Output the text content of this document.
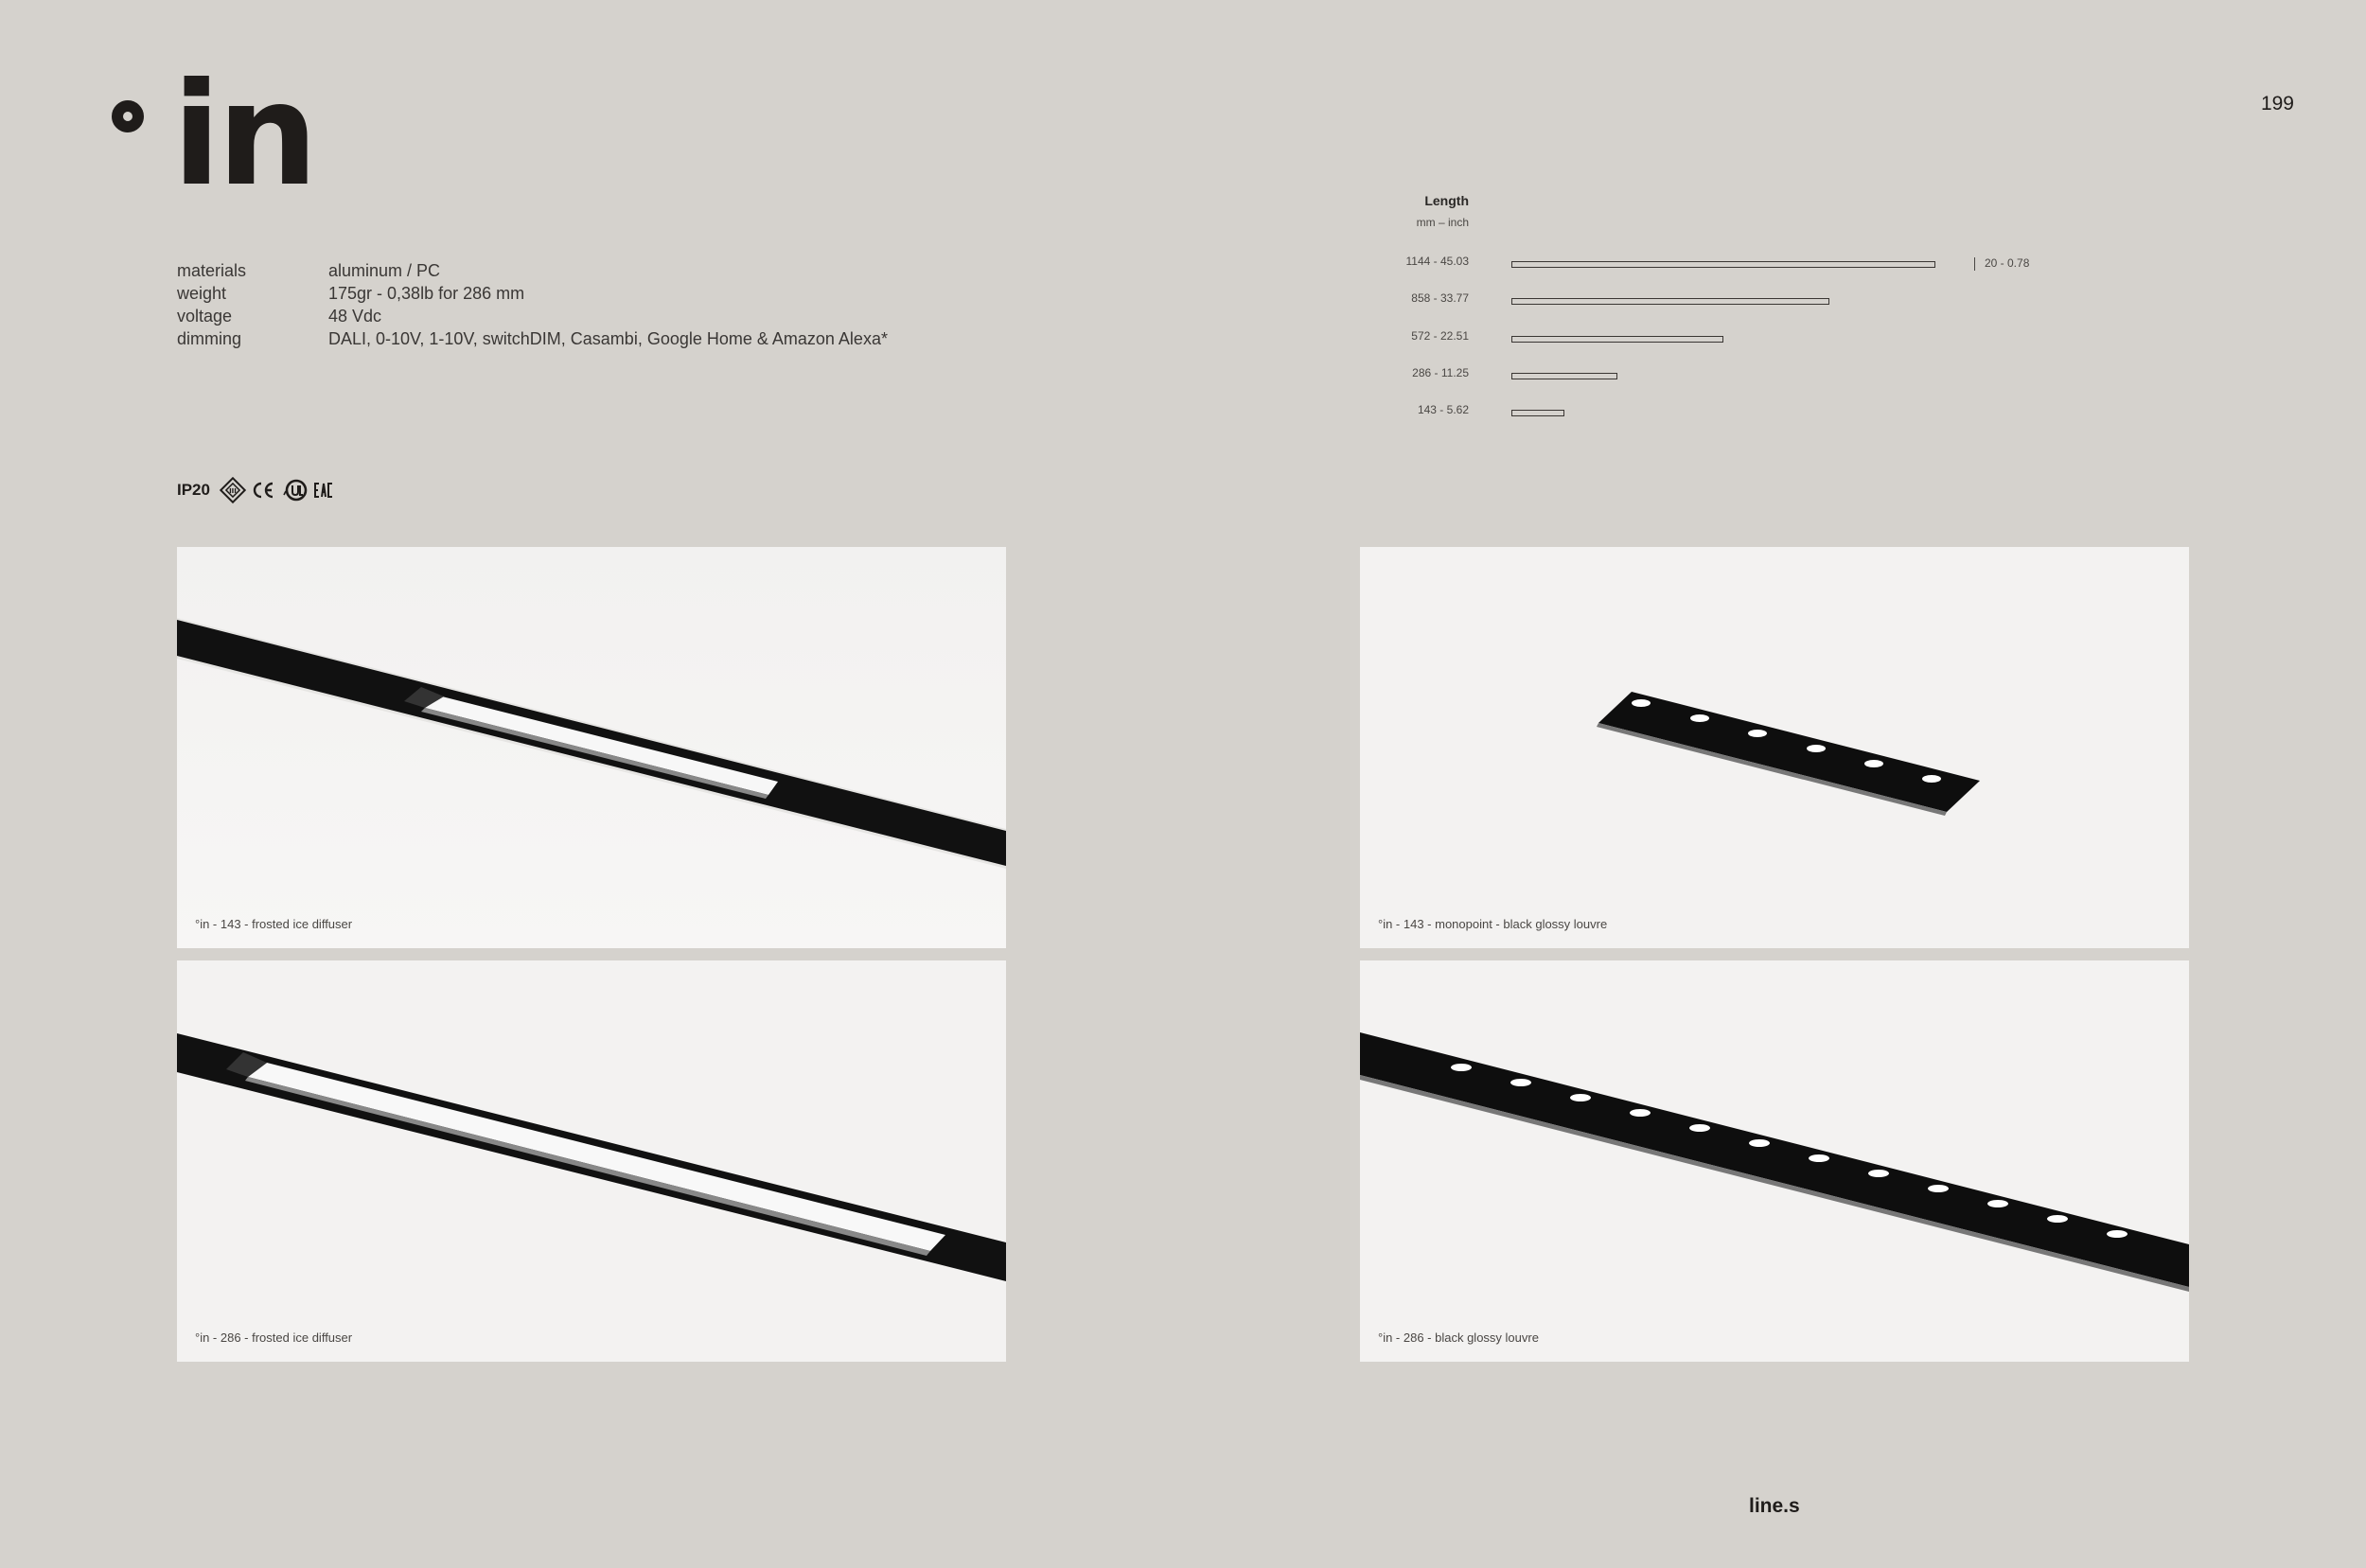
in	199
materials	aluminum / PC
weight	175gr - 0,38lb for 286 mm
voltage	48 Vdc
dimming	DALI, 0-10V, 1-10V, switchDIM, Casambi, Google Home & Amazon Alexa*
IP20	III
Length
mm – inch
1144 - 45.03
858 - 33.77
572 - 22.51
286 - 11.25
143 - 5.62
20 - 0.78
°in - 143 - frosted ice diffuser	°in - 143 - monopoint - black glossy louvre
°in - 286 - frosted ice diffuser	°in - 286 - black glossy louvre
line.s
